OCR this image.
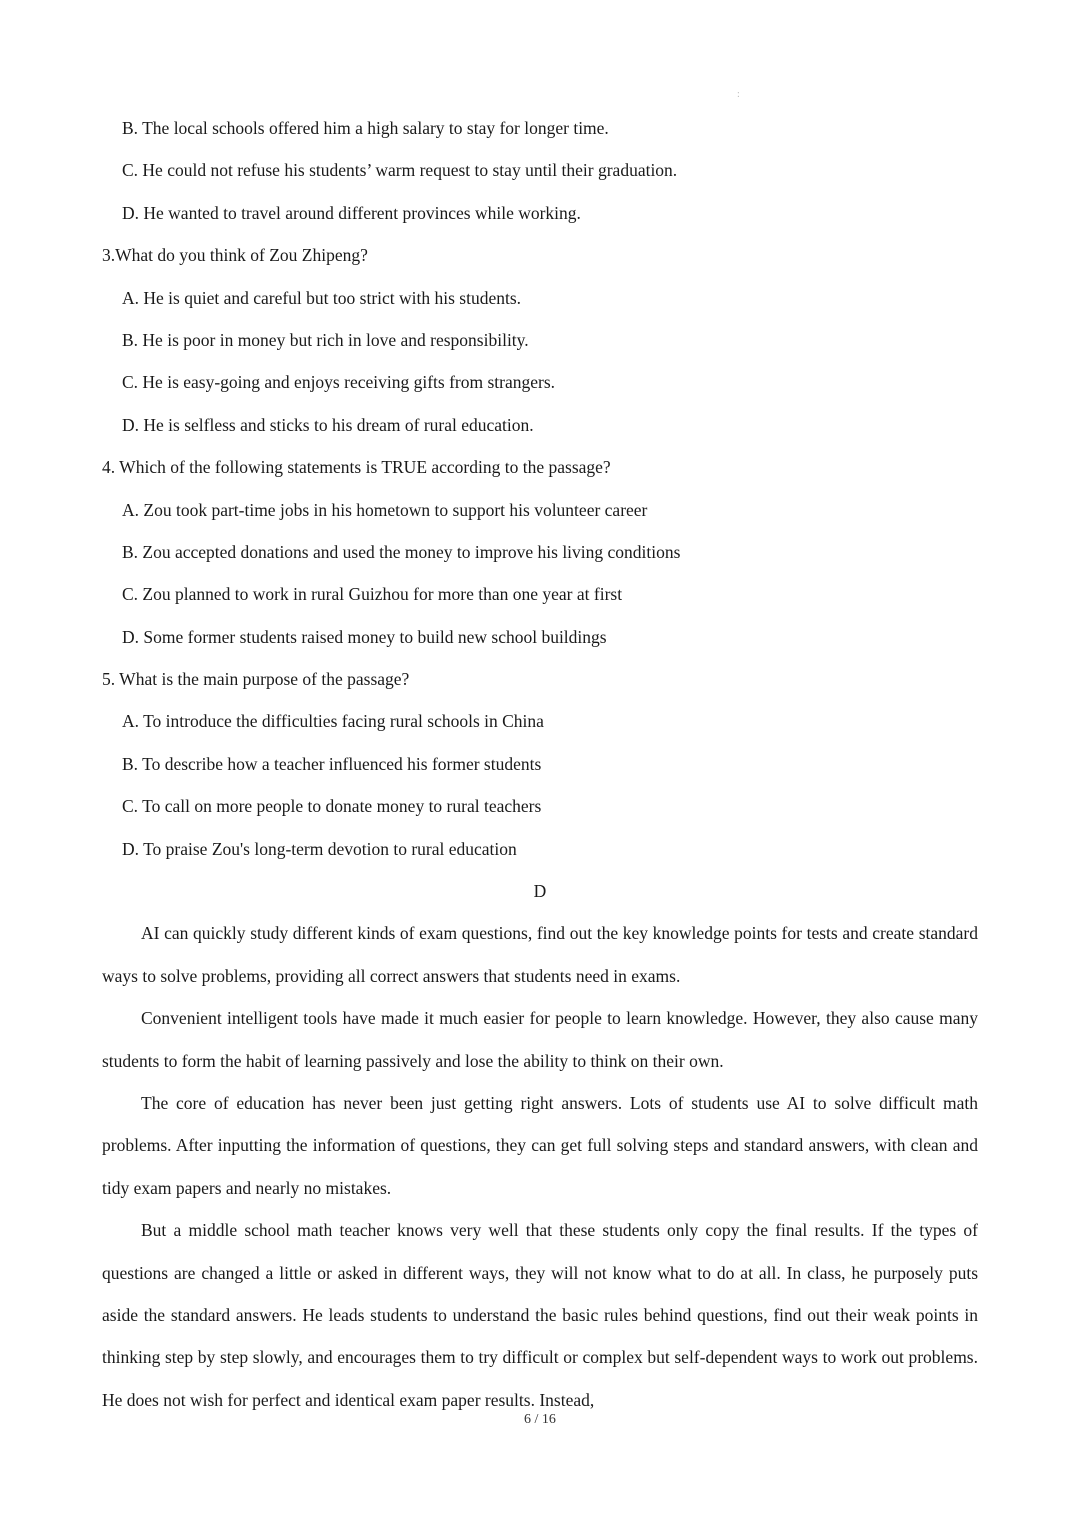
:
B. The local schools offered him a high salary to stay for longer time.
C. He could not refuse his students’ warm request to stay until their graduation.
D. He wanted to travel around different provinces while working.
3.What do you think of Zou Zhipeng?
A. He is quiet and careful but too strict with his students.
B. He is poor in money but rich in love and responsibility.
C. He is easy-going and enjoys receiving gifts from strangers.
D. He is selfless and sticks to his dream of rural education.
4. Which of the following statements is TRUE according to the passage?
A. Zou took part-time jobs in his hometown to support his volunteer career
B. Zou accepted donations and used the money to improve his living conditions
C. Zou planned to work in rural Guizhou for more than one year at first
D. Some former students raised money to build new school buildings
5. What is the main purpose of the passage?
A. To introduce the difficulties facing rural schools in China
B. To describe how a teacher influenced his former students
C. To call on more people to donate money to rural teachers
D. To praise Zou's long-term devotion to rural education
D

AI can quickly study different kinds of exam questions, find out the key knowledge points for tests and create standard ways to solve problems, providing all correct answers that students need in exams.

Convenient intelligent tools have made it much easier for people to learn knowledge. However, they also cause many students to form the habit of learning passively and lose the ability to think on their own.

The core of education has never been just getting right answers. Lots of students use AI to solve difficult math problems. After inputting the information of questions, they can get full solving steps and standard answers, with clean and tidy exam papers and nearly no mistakes.

But a middle school math teacher knows very well that these students only copy the final results. If the types of questions are changed a little or asked in different ways, they will not know what to do at all. In class, he purposely puts aside the standard answers. He leads students to understand the basic rules behind questions, find out their weak points in thinking step by step slowly, and encourages them to try difficult or complex but self-dependent ways to work out problems. He does not wish for perfect and identical exam paper results. Instead,

6 / 16
